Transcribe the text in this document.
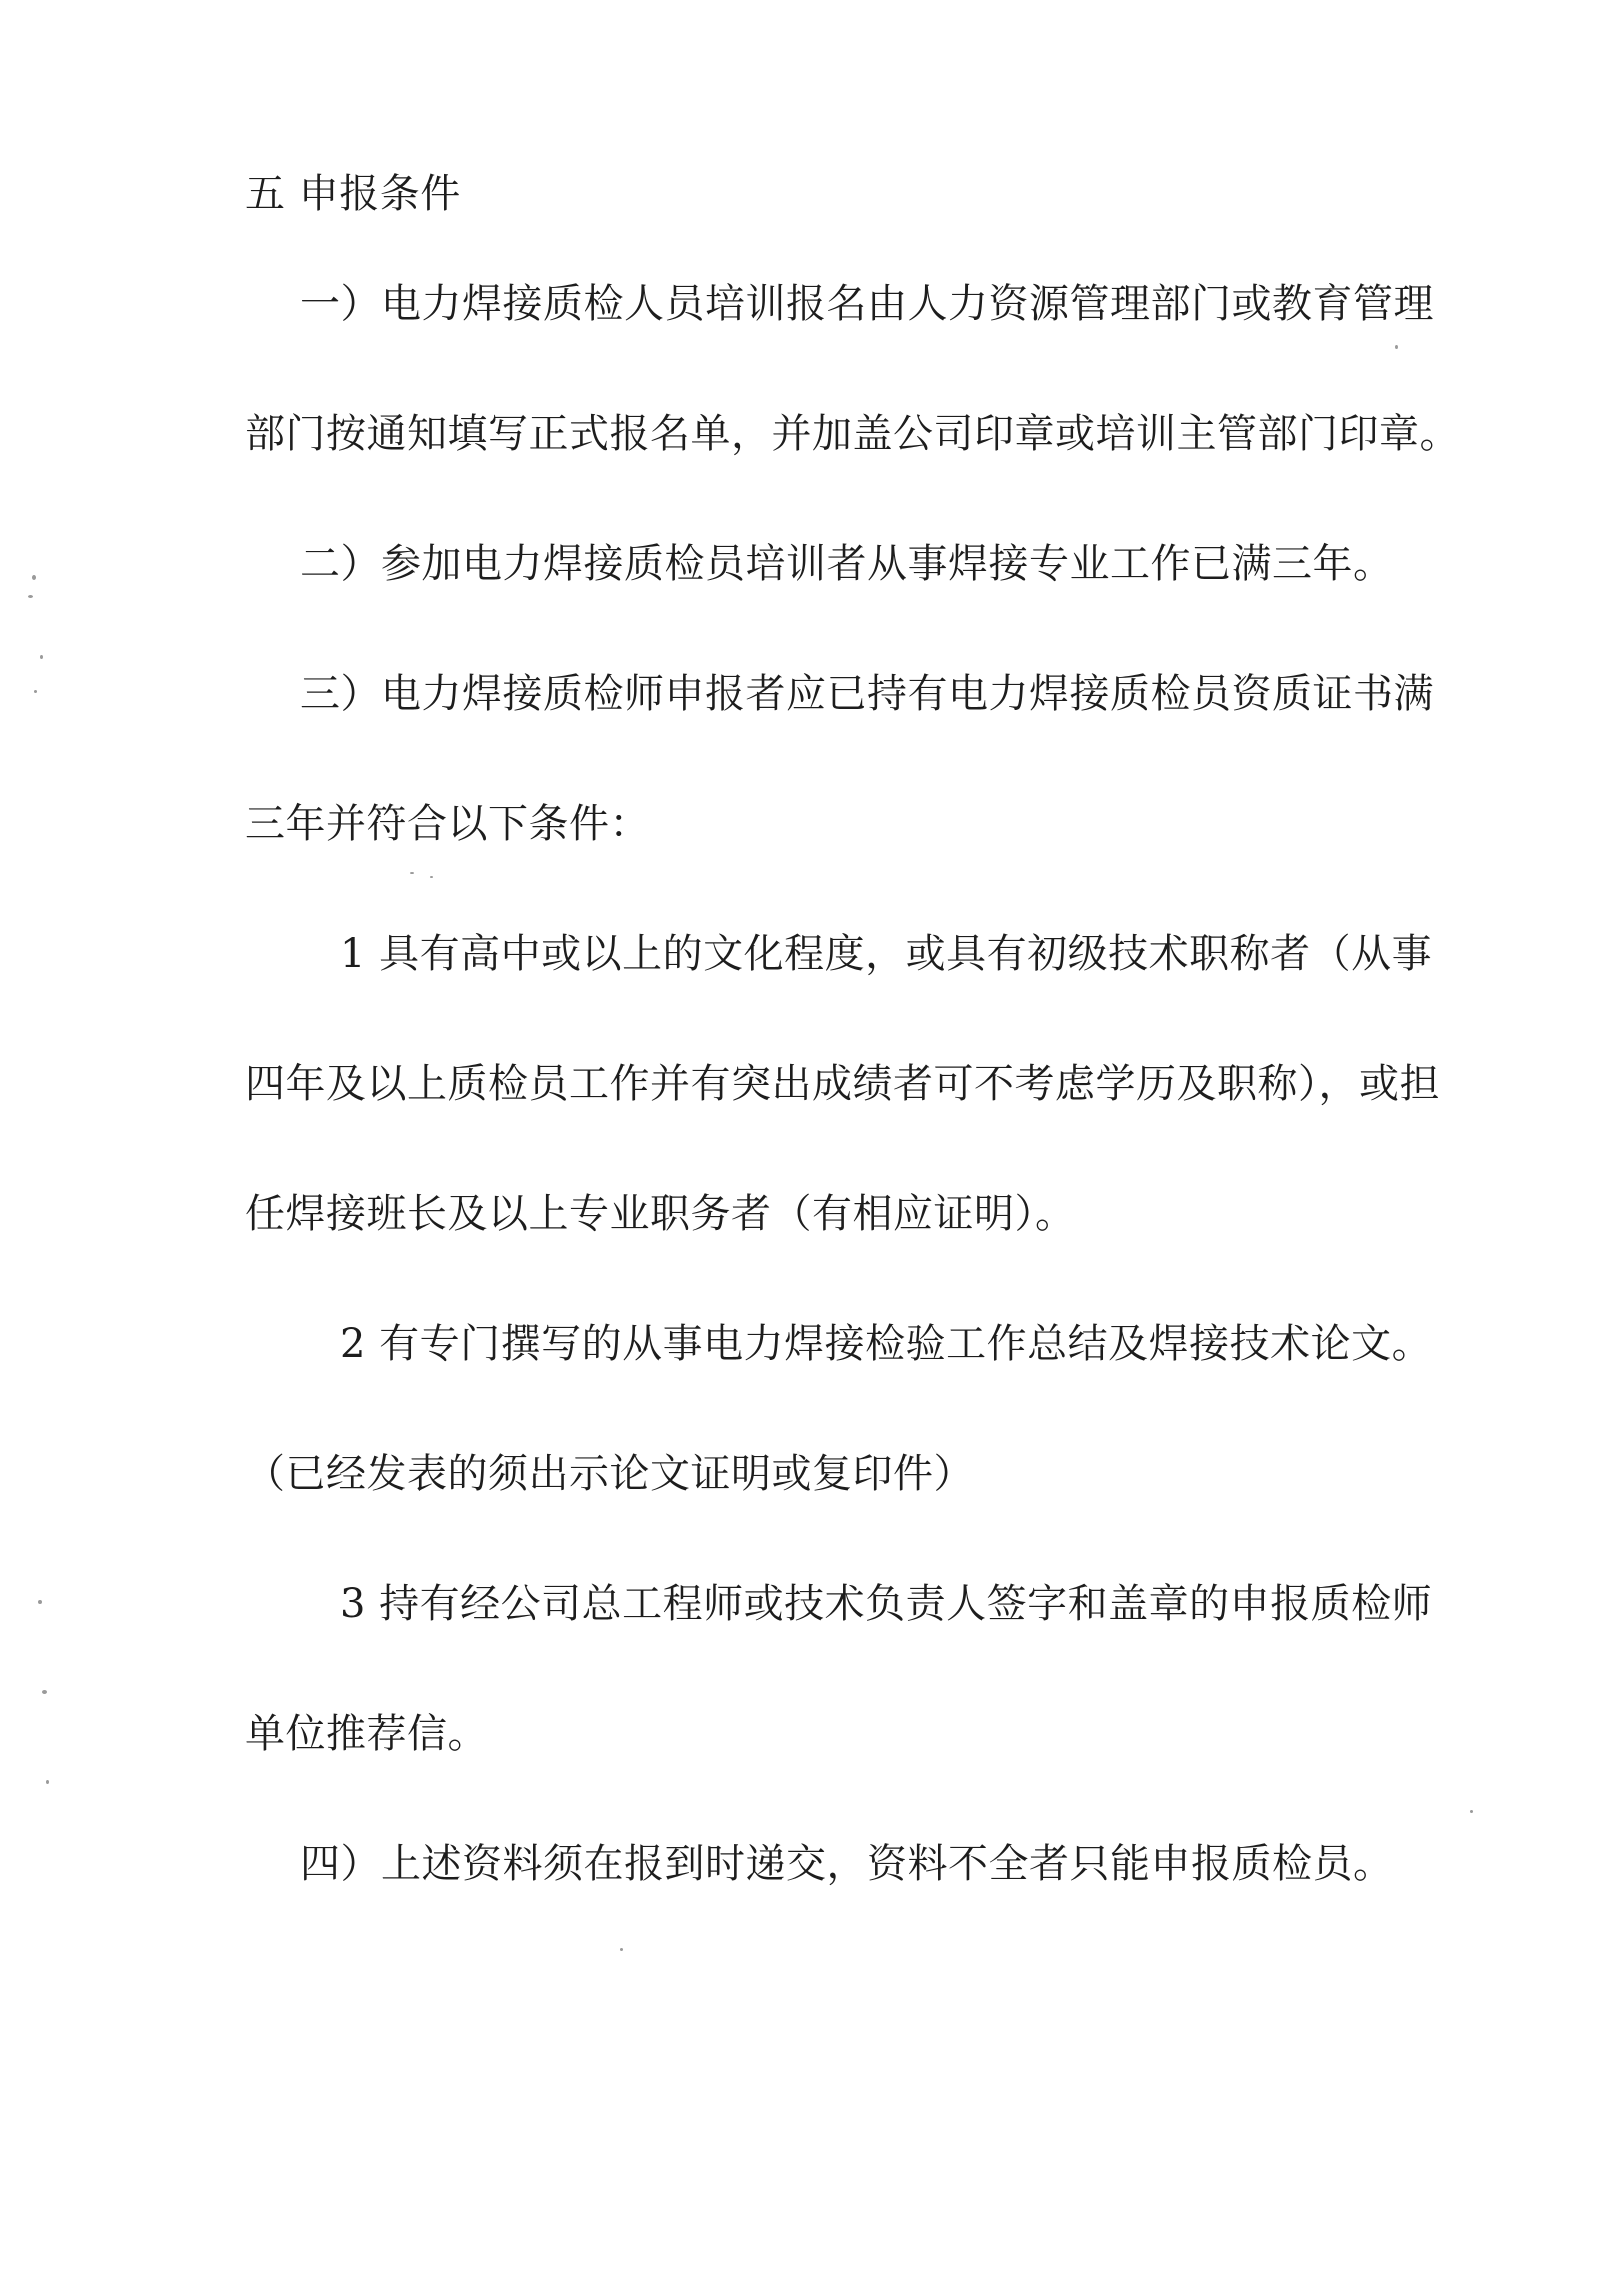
五 申报条件
一）电力焊接质检人员培训报名由人力资源管理部门或教育管理
部门按通知填写正式报名单，并加盖公司印章或培训主管部门印章。
二）参加电力焊接质检员培训者从事焊接专业工作已满三年。
三）电力焊接质检师申报者应已持有电力焊接质检员资质证书满
三年并符合以下条件：
1 具有高中或以上的文化程度，或具有初级技术职称者（从事
四年及以上质检员工作并有突出成绩者可不考虑学历及职称），或担
任焊接班长及以上专业职务者（有相应证明）。
2 有专门撰写的从事电力焊接检验工作总结及焊接技术论文。
（已经发表的须出示论文证明或复印件）
3 持有经公司总工程师或技术负责人签字和盖章的申报质检师
单位推荐信。
四）上述资料须在报到时递交，资料不全者只能申报质检员。
